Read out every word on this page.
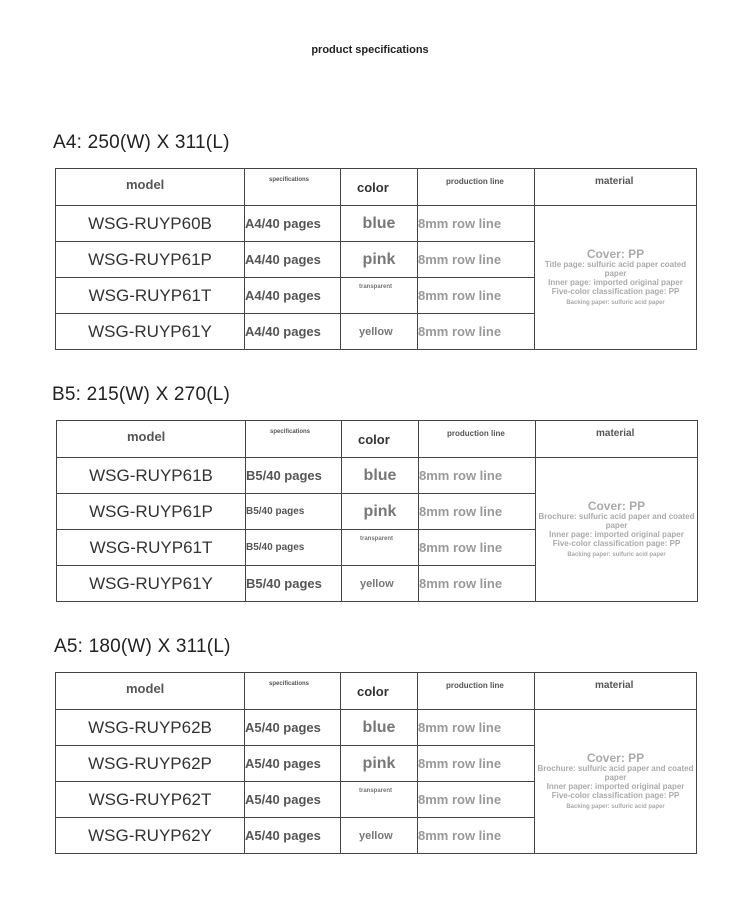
product specifications
A4: 250(W) X 311(L)
model	specifications	color	production line	material

WSG-RUYP60B	A4/40 pages	blue	8mm row line	Cover: PP
Title page: sulfuric acid paper coated paper
Inner page: imported original paper
Five-color classification page: PP
Backing paper: sulfuric acid paper

WSG-RUYP61P	A4/40 pages	pink	8mm row line	
WSG-RUYP61T	A4/40 pages	transparent	8mm row line	
WSG-RUYP61Y	A4/40 pages	yellow	8mm row line	
B5: 215(W) X 270(L)
model	specifications	color	production line	material

WSG-RUYP61B	B5/40 pages	blue	8mm row line	Cover: PP
Brochure: sulfuric acid paper and coated paper
Inner page: imported original paper
Five-color classification page: PP
Backing paper: sulfuric acid paper

WSG-RUYP61P	B5/40 pages	pink	8mm row line	
WSG-RUYP61T	B5/40 pages	transparent	8mm row line	
WSG-RUYP61Y	B5/40 pages	yellow	8mm row line	
A5: 180(W) X 311(L)
model	specifications	color	production line	material

WSG-RUYP62B	A5/40 pages	blue	8mm row line	Cover: PP
Brochure: sulfuric acid paper and coated paper
Inner paper: imported original paper
Five-color classification page: PP
Backing paper: sulfuric acid paper

WSG-RUYP62P	A5/40 pages	pink	8mm row line	
WSG-RUYP62T	A5/40 pages	transparent	8mm row line	
WSG-RUYP62Y	A5/40 pages	yellow	8mm row line	
